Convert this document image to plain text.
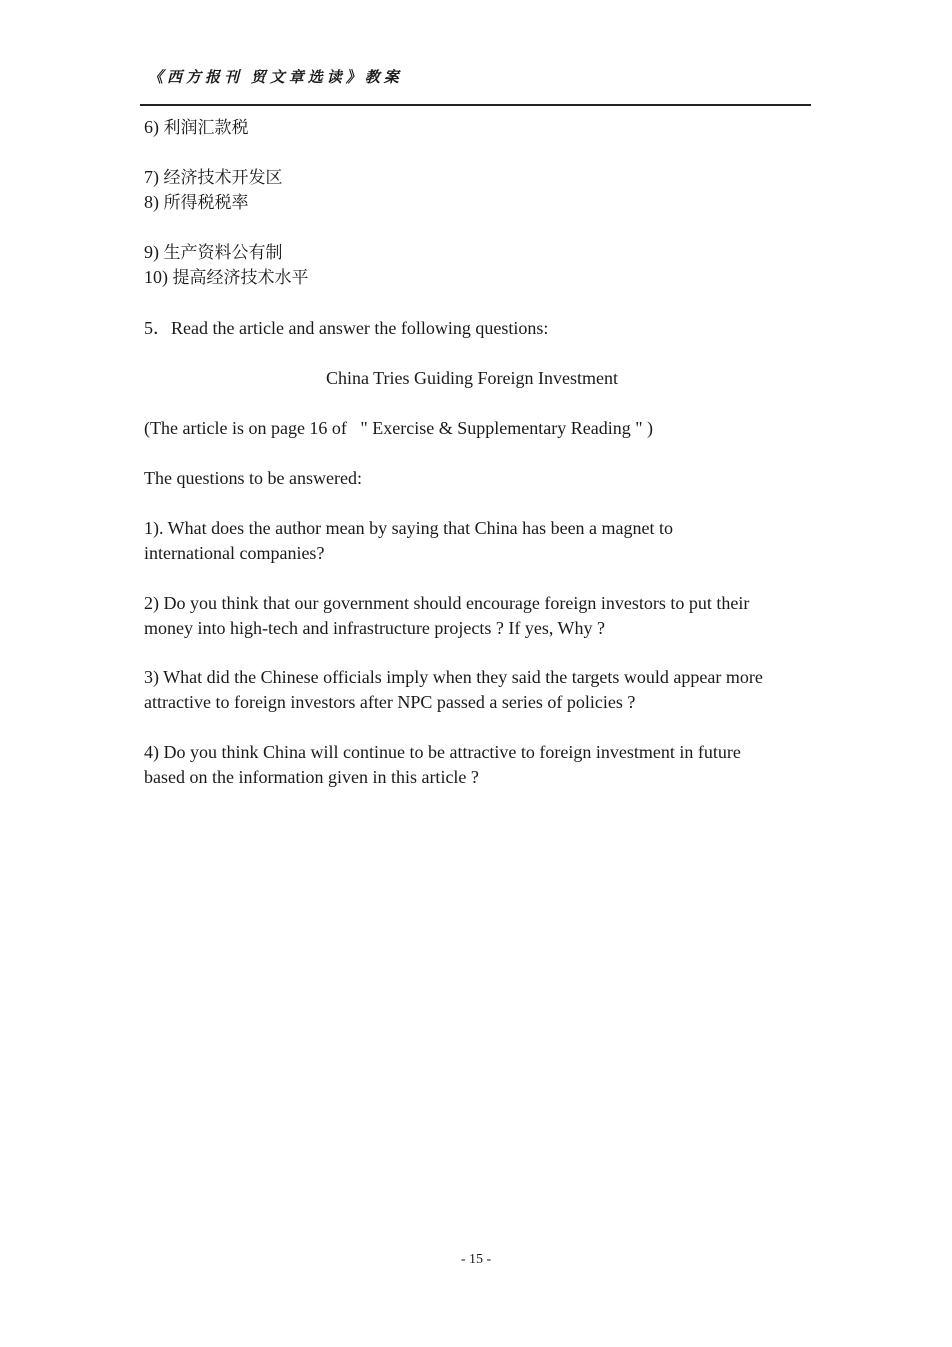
《西方报刊 贸文章选读》教案
6) 利润汇款税
7) 经济技术开发区
8) 所得税税率
9) 生产资料公有制
10) 提高经济技术水平
5．Read the article and answer the following questions:
China Tries Guiding Foreign Investment
(The article is on page 16 of   " Exercise & Supplementary Reading " )
The questions to be answered:
1). What does the author mean by saying that China has been a magnet to
international companies?
2) Do you think that our government should encourage foreign investors to put their
money into high-tech and infrastructure projects ? If yes, Why ?
3) What did the Chinese officials imply when they said the targets would appear more
attractive to foreign investors after NPC passed a series of policies ?
4) Do you think China will continue to be attractive to foreign investment in future
based on the information given in this article ?
- 15 -
